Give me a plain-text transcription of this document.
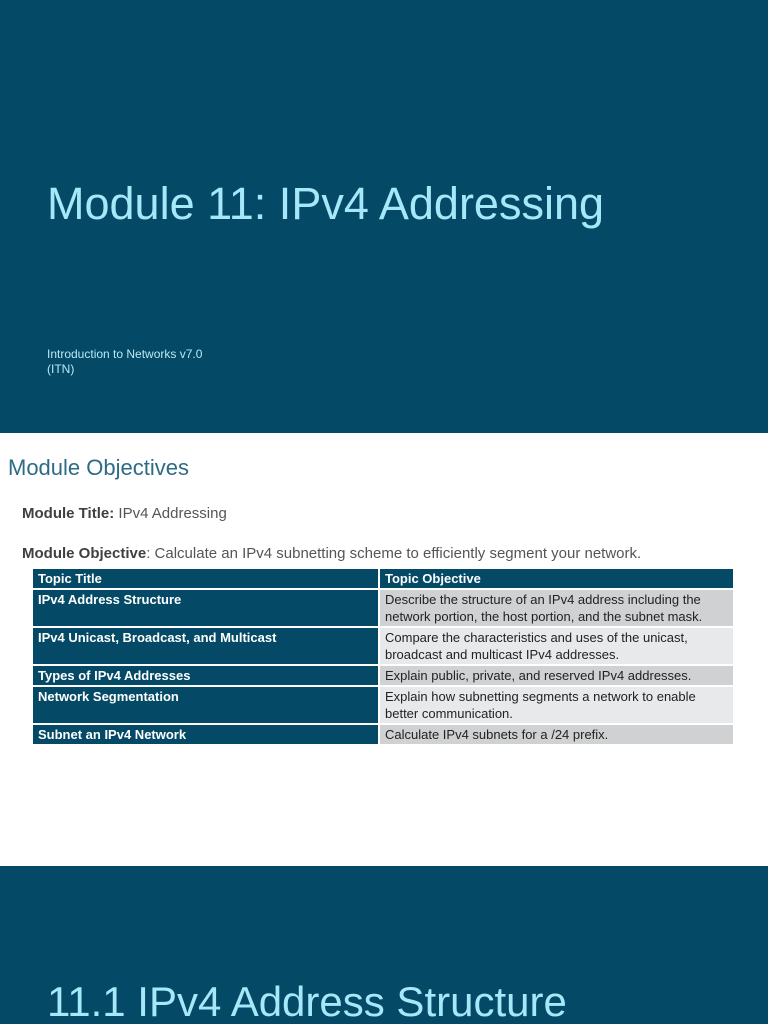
Module 11: IPv4 Addressing

Introduction to Networks v7.0
(ITN)

Module Objectives

Module Title: IPv4 Addressing

Module Objective: Calculate an IPv4 subnetting scheme to efficiently segment your network.

Topic Title	Topic Objective
IPv4 Address Structure	Describe the structure of an IPv4 address including the network portion, the host portion, and the subnet mask.
IPv4 Unicast, Broadcast, and Multicast	Compare the characteristics and uses of the unicast, broadcast and multicast IPv4 addresses.
Types of IPv4 Addresses	Explain public, private, and reserved IPv4 addresses.
Network Segmentation	Explain how subnetting segments a network to enable better communication.
Subnet an IPv4 Network	Calculate IPv4 subnets for a /24 prefix.
11.1 IPv4 Address Structure
